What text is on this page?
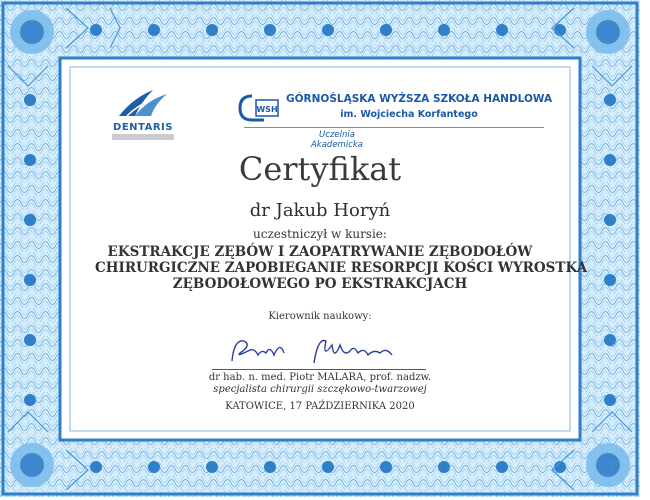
DENTARIS
WSH
GÓRNOŚLĄSKA WYŻSZA SZKOŁA HANDLOWA
im. Wojciecha Korfantego
Uczelnia Akademicka
Certyfikat
dr Jakub Horyń
uczestniczył w kursie:
EKSTRAKCJE ZĘBÓW I ZAOPATRYWANIE ZĘBODOŁÓW
CHIRURGICZNE ZAPOBIEGANIE RESORPCJI KOŚCI WYROSTKA
ZĘBODOŁOWEGO PO EKSTRAKCJACH
Kierownik naukowy:
dr hab. n. med. Piotr MALARA, prof. nadzw.
specjalista chirurgii szczękowo-twarzowej
KATOWICE, 17 PAŹDZIERNIKA 2020
